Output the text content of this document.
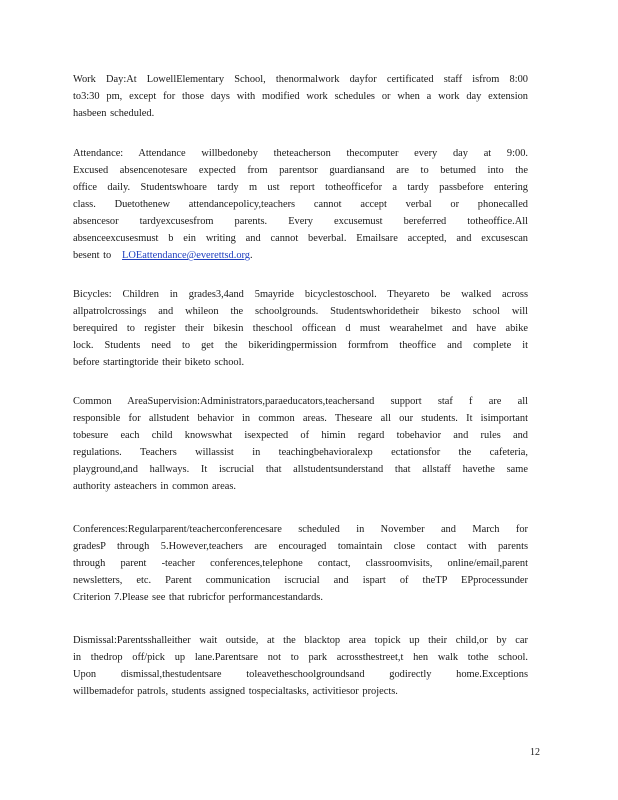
Work Day:At LowellElementary School, thenormalwork dayfor certificated staff isfrom 8:00
to3:30 pm, except for those days with modified work schedules or when a work day extension
hasbeen scheduled.
Attendance: Attendance willbedoneby theteacherson thecomputer every day at 9:00.
Excused absencenotesare expected from parentsor guardiansand are to betumed into the
office daily. Studentswhoare tardy m ust report totheofficefor a tardy passbefore entering
class. Duetothenew attendancepolicy,teachers cannot accept verbal or phonecalled
absencesor tardyexcusesfrom parents. Every excusemust bereferred totheoffice.All
absenceexcusesmust b ein writing and cannot beverbal. Emailsare accepted, and excusescan
besent to LOEattendance@everettsd.org.
Bicycles: Children in grades3,4and 5mayride bicyclestoschool. Theyareto be walked across
allpatrolcrossings and whileon the schoolgrounds. Studentswhoridetheir bikesto school will
berequired to register their bikesin theschool officean d must wearahelmet and have abike
lock. Students need to get the bikeridingpermission formfrom theoffice and complete it
before startingtoride their biketo school.
Common AreaSupervision:Administrators,paraeducators,teachersand support staf f are all
responsible for allstudent behavior in common areas. Theseare all our students. It isimportant
tobesure each child knowswhat isexpected of himin regard tobehavior and rules and
regulations. Teachers willassist in teachingbehavioralexp ectationsfor the cafeteria,
playground,and hallways. It iscrucial that allstudentsunderstand that allstaff havethe same
authority asteachers in common areas.
Conferences:Regularparent/teacherconferencesare scheduled in November and March for
gradesP through 5.However,teachers are encouraged tomaintain close contact with parents
through parent -teacher conferences,telephone contact, classroomvisits, online/email,parent
newsletters, etc. Parent communication iscrucial and ispart of theTP EPprocessunder
Criterion 7.Please see that rubricfor performancestandards.
Dismissal:Parentsshalleither wait outside, at the blacktop area topick up their child,or by car
in thedrop off/pick up lane.Parentsare not to park acrossthestreet,t hen walk tothe school.
Upon dismissal,thestudentsare toleavetheschoolgroundsand godirectly home.Exceptions
willbemadefor patrols, students assigned tospecialtasks, activitiesor projects.
12
